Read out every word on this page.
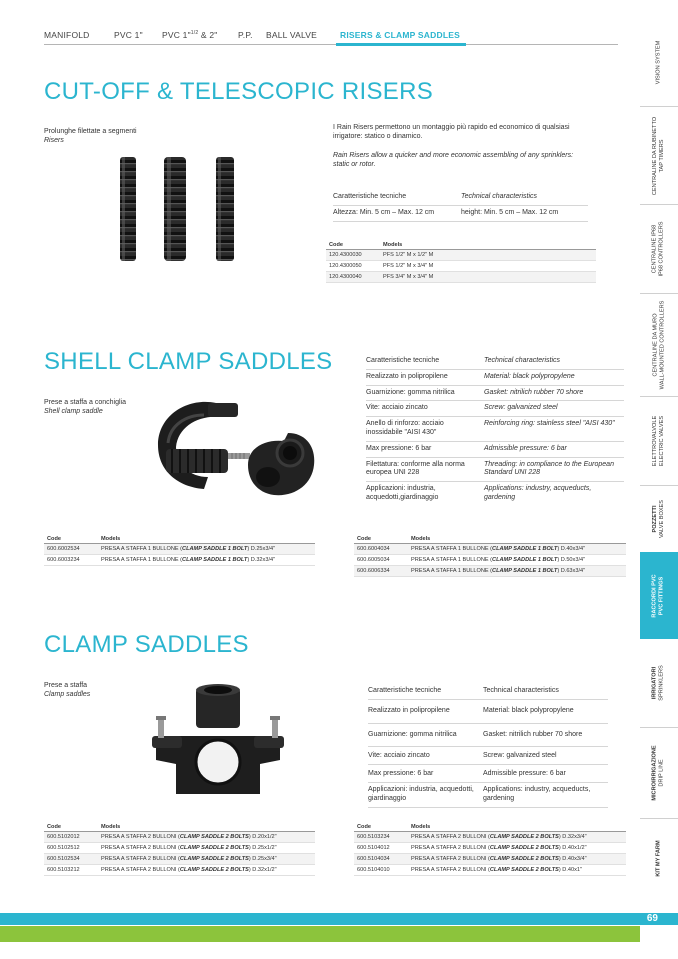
MANIFOLD	PVC 1" PVC 1"$^{1/2}$ & 2" P.P. BALL VALVE	RISERS & CLAMP SADDLES
VISION SYSTEM
CENTRALINE DA RUBINETTO TAP TIMERS
CENTRALINE IP68 IP68 CONTROLLERS
CENTRALINE DA MURO WALL-MOUNTED CONTROLLERS
ELETTROVALVOLE ELECTRIC VALVES
POZZETTI VALVE BOXES
RACCORDI PVC PVC FITTINGS
IRRIGATORI SPRINKLERS
MICROIRRIGAZIONE DRIP LINE
KIT MY FARM
CUT-OFF & TELESCOPIC RISERS
Prolunghe filettate a segmenti
Risers
I Rain Risers permettono un montaggio più rapido ed economico di qualsiasi irrigatore: statico o dinamico.
Rain Risers allow a quicker and more economic assembling of any sprinklers: static or rotor.
Caratteristiche tecniche	Technical characteristics
Altezza: Min. 5 cm – Max. 12 cm	height: Min. 5 cm – Max. 12 cm
Code	Models
120.4300030	PFS 1/2" M x 1/2" M
120.4300050	PFS 1/2" M x 3/4" M
120.4300040	PFS 3/4" M x 3/4" M
SHELL CLAMP SADDLES
Prese a staffa a conchiglia
Shell clamp saddle
Caratteristiche tecniche	Technical characteristics
Realizzato in polipropilene	Material: black polypropylene
Guarnizione: gomma nitrilica	Gasket: nitrilich rubber 70 shore
Vite: acciaio zincato	Screw: galvanized steel
Anello di rinforzo: acciaio inossidabile "AISI 430"	Reinforcing ring: stainless steel "AISI 430"
Max pressione: 6 bar	Admissible pressure: 6 bar
Filettatura: conforme alla norma europea UNI 228	Threading: in compliance to the European Standard UNI 228
Applicazioni: industria, acquedotti,giardinaggio	Applications: industry, acqueducts, gardening
Code	Models
600.6002534	PRESA A STAFFA 1 BULLONE (CLAMP SADDLE 1 BOLT) D.25x3/4"
600.6003234	PRESA A STAFFA 1 BULLONE (CLAMP SADDLE 1 BOLT) D.32x3/4"
Code	Models
600.6004034	PRESA A STAFFA 1 BULLONE (CLAMP SADDLE 1 BOLT) D.40x3/4"
600.6005034	PRESA A STAFFA 1 BULLONE (CLAMP SADDLE 1 BOLT) D.50x3/4"
600.6006334	PRESA A STAFFA 1 BULLONE (CLAMP SADDLE 1 BOLT) D.63x3/4"
CLAMP SADDLES
Prese a staffa
Clamp saddles
Caratteristiche tecniche	Technical characteristics
Realizzato in polipropilene	Material: black polypropylene
Guarnizione: gomma nitrilica	Gasket: nitrilich rubber 70 shore
Vite: acciaio zincato	Screw: galvanized steel
Max pressione: 6 bar	Admissible pressure: 6 bar
Applicazioni: industria, acquedotti, giardinaggio	Applications: industry, acqueducts, gardening
Code	Models
600.5102012	PRESA A STAFFA 2 BULLONI (CLAMP SADDLE 2 BOLTS) D.20x1/2"
600.5102512	PRESA A STAFFA 2 BULLONI (CLAMP SADDLE 2 BOLTS) D.25x1/2"
600.5102534	PRESA A STAFFA 2 BULLONI (CLAMP SADDLE 2 BOLTS) D.25x3/4"
600.5103212	PRESA A STAFFA 2 BULLONI (CLAMP SADDLE 2 BOLTS) D.32x1/2"
Code	Models
600.5103234	PRESA A STAFFA 2 BULLONI (CLAMP SADDLE 2 BOLTS) D.32x3/4"
600.5104012	PRESA A STAFFA 2 BULLONI (CLAMP SADDLE 2 BOLTS) D.40x1/2"
600.5104034	PRESA A STAFFA 2 BULLONI (CLAMP SADDLE 2 BOLTS) D.40x3/4"
600.5104010	PRESA A STAFFA 2 BULLONI (CLAMP SADDLE 2 BOLTS) D.40x1"
69
